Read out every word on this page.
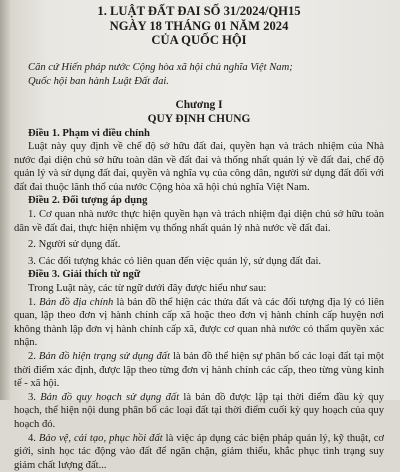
1. LUẬT ĐẤT ĐAI SỐ 31/2024/QH15
NGÀY 18 THÁNG 01 NĂM 2024
CỦA QUỐC HỘI
Căn cứ Hiến pháp nước Cộng hòa xã hội chủ nghĩa Việt Nam;
Quốc hội ban hành Luật Đất đai.
Chương I
QUY ĐỊNH CHUNG
Điều 1. Phạm vi điều chỉnh
Luật này quy định về chế độ sở hữu đất đai, quyền hạn và trách nhiệm của Nhà nước đại diện chủ sở hữu toàn dân về đất đai và thống nhất quản lý về đất đai, chế độ quản lý và sử dụng đất đai, quyền và nghĩa vụ của công dân, người sử dụng đất đối với đất đai thuộc lãnh thổ của nước Cộng hòa xã hội chủ nghĩa Việt Nam.
Điều 2. Đối tượng áp dụng
1. Cơ quan nhà nước thực hiện quyền hạn và trách nhiệm đại diện chủ sở hữu toàn dân về đất đai, thực hiện nhiệm vụ thống nhất quản lý nhà nước về đất đai.
2. Người sử dụng đất.
3. Các đối tượng khác có liên quan đến việc quản lý, sử dụng đất đai.
Điều 3. Giải thích từ ngữ
Trong Luật này, các từ ngữ dưới đây được hiểu như sau:
1. Bản đồ địa chính là bản đồ thể hiện các thửa đất và các đối tượng địa lý có liên quan, lập theo đơn vị hành chính cấp xã hoặc theo đơn vị hành chính cấp huyện nơi không thành lập đơn vị hành chính cấp xã, được cơ quan nhà nước có thẩm quyền xác nhận.
2. Bản đồ hiện trạng sử dụng đất là bản đồ thể hiện sự phân bố các loại đất tại một thời điểm xác định, được lập theo từng đơn vị hành chính các cấp, theo từng vùng kinh tế - xã hội.
3. Bản đồ quy hoạch sử dụng đất là bản đồ được lập tại thời điểm đầu kỳ quy hoạch, thể hiện nội dung phân bố các loại đất tại thời điểm cuối kỳ quy hoạch của quy hoạch đó.
4. Bảo vệ, cải tạo, phục hồi đất là việc áp dụng các biện pháp quản lý, kỹ thuật, cơ giới, sinh học tác động vào đất để ngăn chặn, giảm thiểu, khắc phục tình trạng suy giảm chất lượng đất...
